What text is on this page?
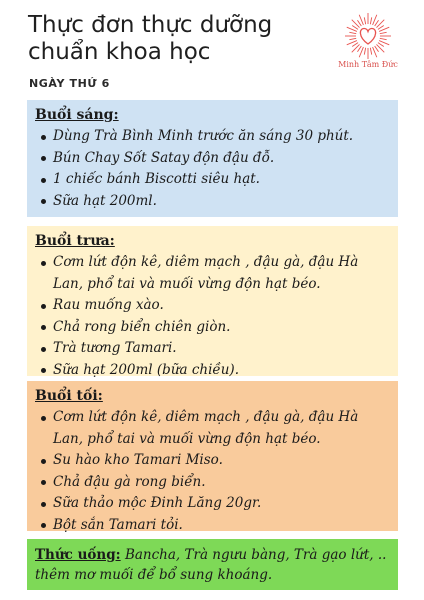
Thực đơn thực dưỡng chuẩn khoa học
NGÀY THỨ 6
Minh Tâm Đức
Buổi sáng:
Dùng Trà Bình Minh trước ăn sáng 30 phút.
Bún Chay Sốt Satay độn đậu đỗ.
1 chiếc bánh Biscotti siêu hạt.
Sữa hạt 200ml.
Buổi trưa:
Cơm lứt độn kê, diêm mạch , đậu gà, đậu Hà Lan, phổ tai và muối vừng độn hạt béo.
Rau muống xào.
Chả rong biển chiên giòn.
Trà tương Tamari.
Sữa hạt 200ml (bữa chiều).
Buổi tối:
Cơm lứt độn kê, diêm mạch , đậu gà, đậu Hà Lan, phổ tai và muối vừng độn hạt béo.
Su hào kho Tamari Miso.
Chả đậu gà rong biển.
Sữa thảo mộc Đinh Lăng 20gr.
Bột sắn Tamari tỏi.

Thức uống: Bancha, Trà ngưu bàng, Trà gạo lứt, .. thêm mơ muối để bổ sung khoáng.
